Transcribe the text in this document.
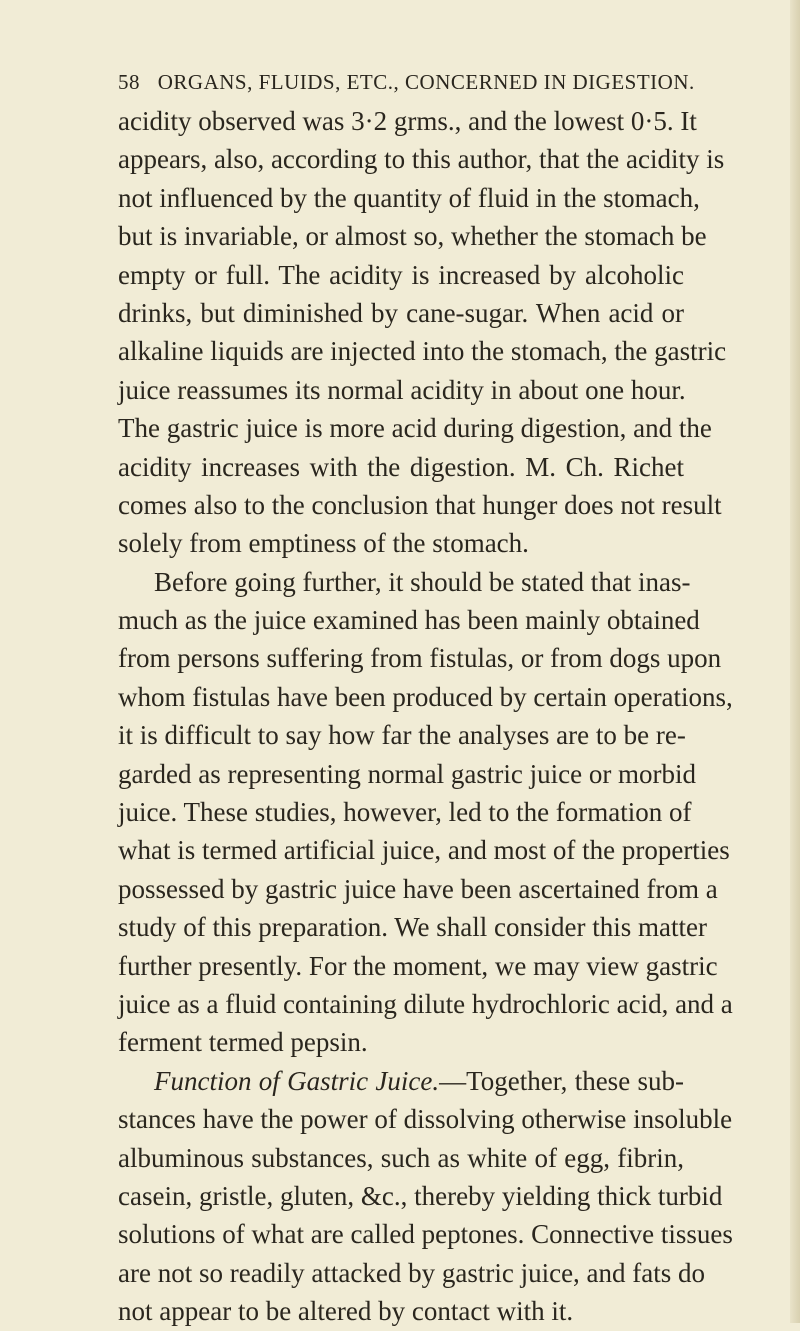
58 ORGANS, FLUIDS, ETC., CONCERNED IN DIGESTION.
acidity observed was 3·2 grms., and the lowest 0·5. It
appears, also, according to this author, that the acidity is
not influenced by the quantity of fluid in the stomach,
but is invariable, or almost so, whether the stomach be
empty or full. The acidity is increased by alcoholic
drinks, but diminished by cane-sugar. When acid or
alkaline liquids are injected into the stomach, the gastric
juice reassumes its normal acidity in about one hour.
The gastric juice is more acid during digestion, and the
acidity increases with the digestion. M. Ch. Richet
comes also to the conclusion that hunger does not result
solely from emptiness of the stomach.
Before going further, it should be stated that inas-
much as the juice examined has been mainly obtained
from persons suffering from fistulas, or from dogs upon
whom fistulas have been produced by certain operations,
it is difficult to say how far the analyses are to be re-
garded as representing normal gastric juice or morbid
juice. These studies, however, led to the formation of
what is termed artificial juice, and most of the properties
possessed by gastric juice have been ascertained from a
study of this preparation. We shall consider this matter
further presently. For the moment, we may view gastric
juice as a fluid containing dilute hydrochloric acid, and a
ferment termed pepsin.
Function of Gastric Juice.—Together, these sub-
stances have the power of dissolving otherwise insoluble
albuminous substances, such as white of egg, fibrin,
casein, gristle, gluten, &c., thereby yielding thick turbid
solutions of what are called peptones. Connective tissues
are not so readily attacked by gastric juice, and fats do
not appear to be altered by contact with it.
